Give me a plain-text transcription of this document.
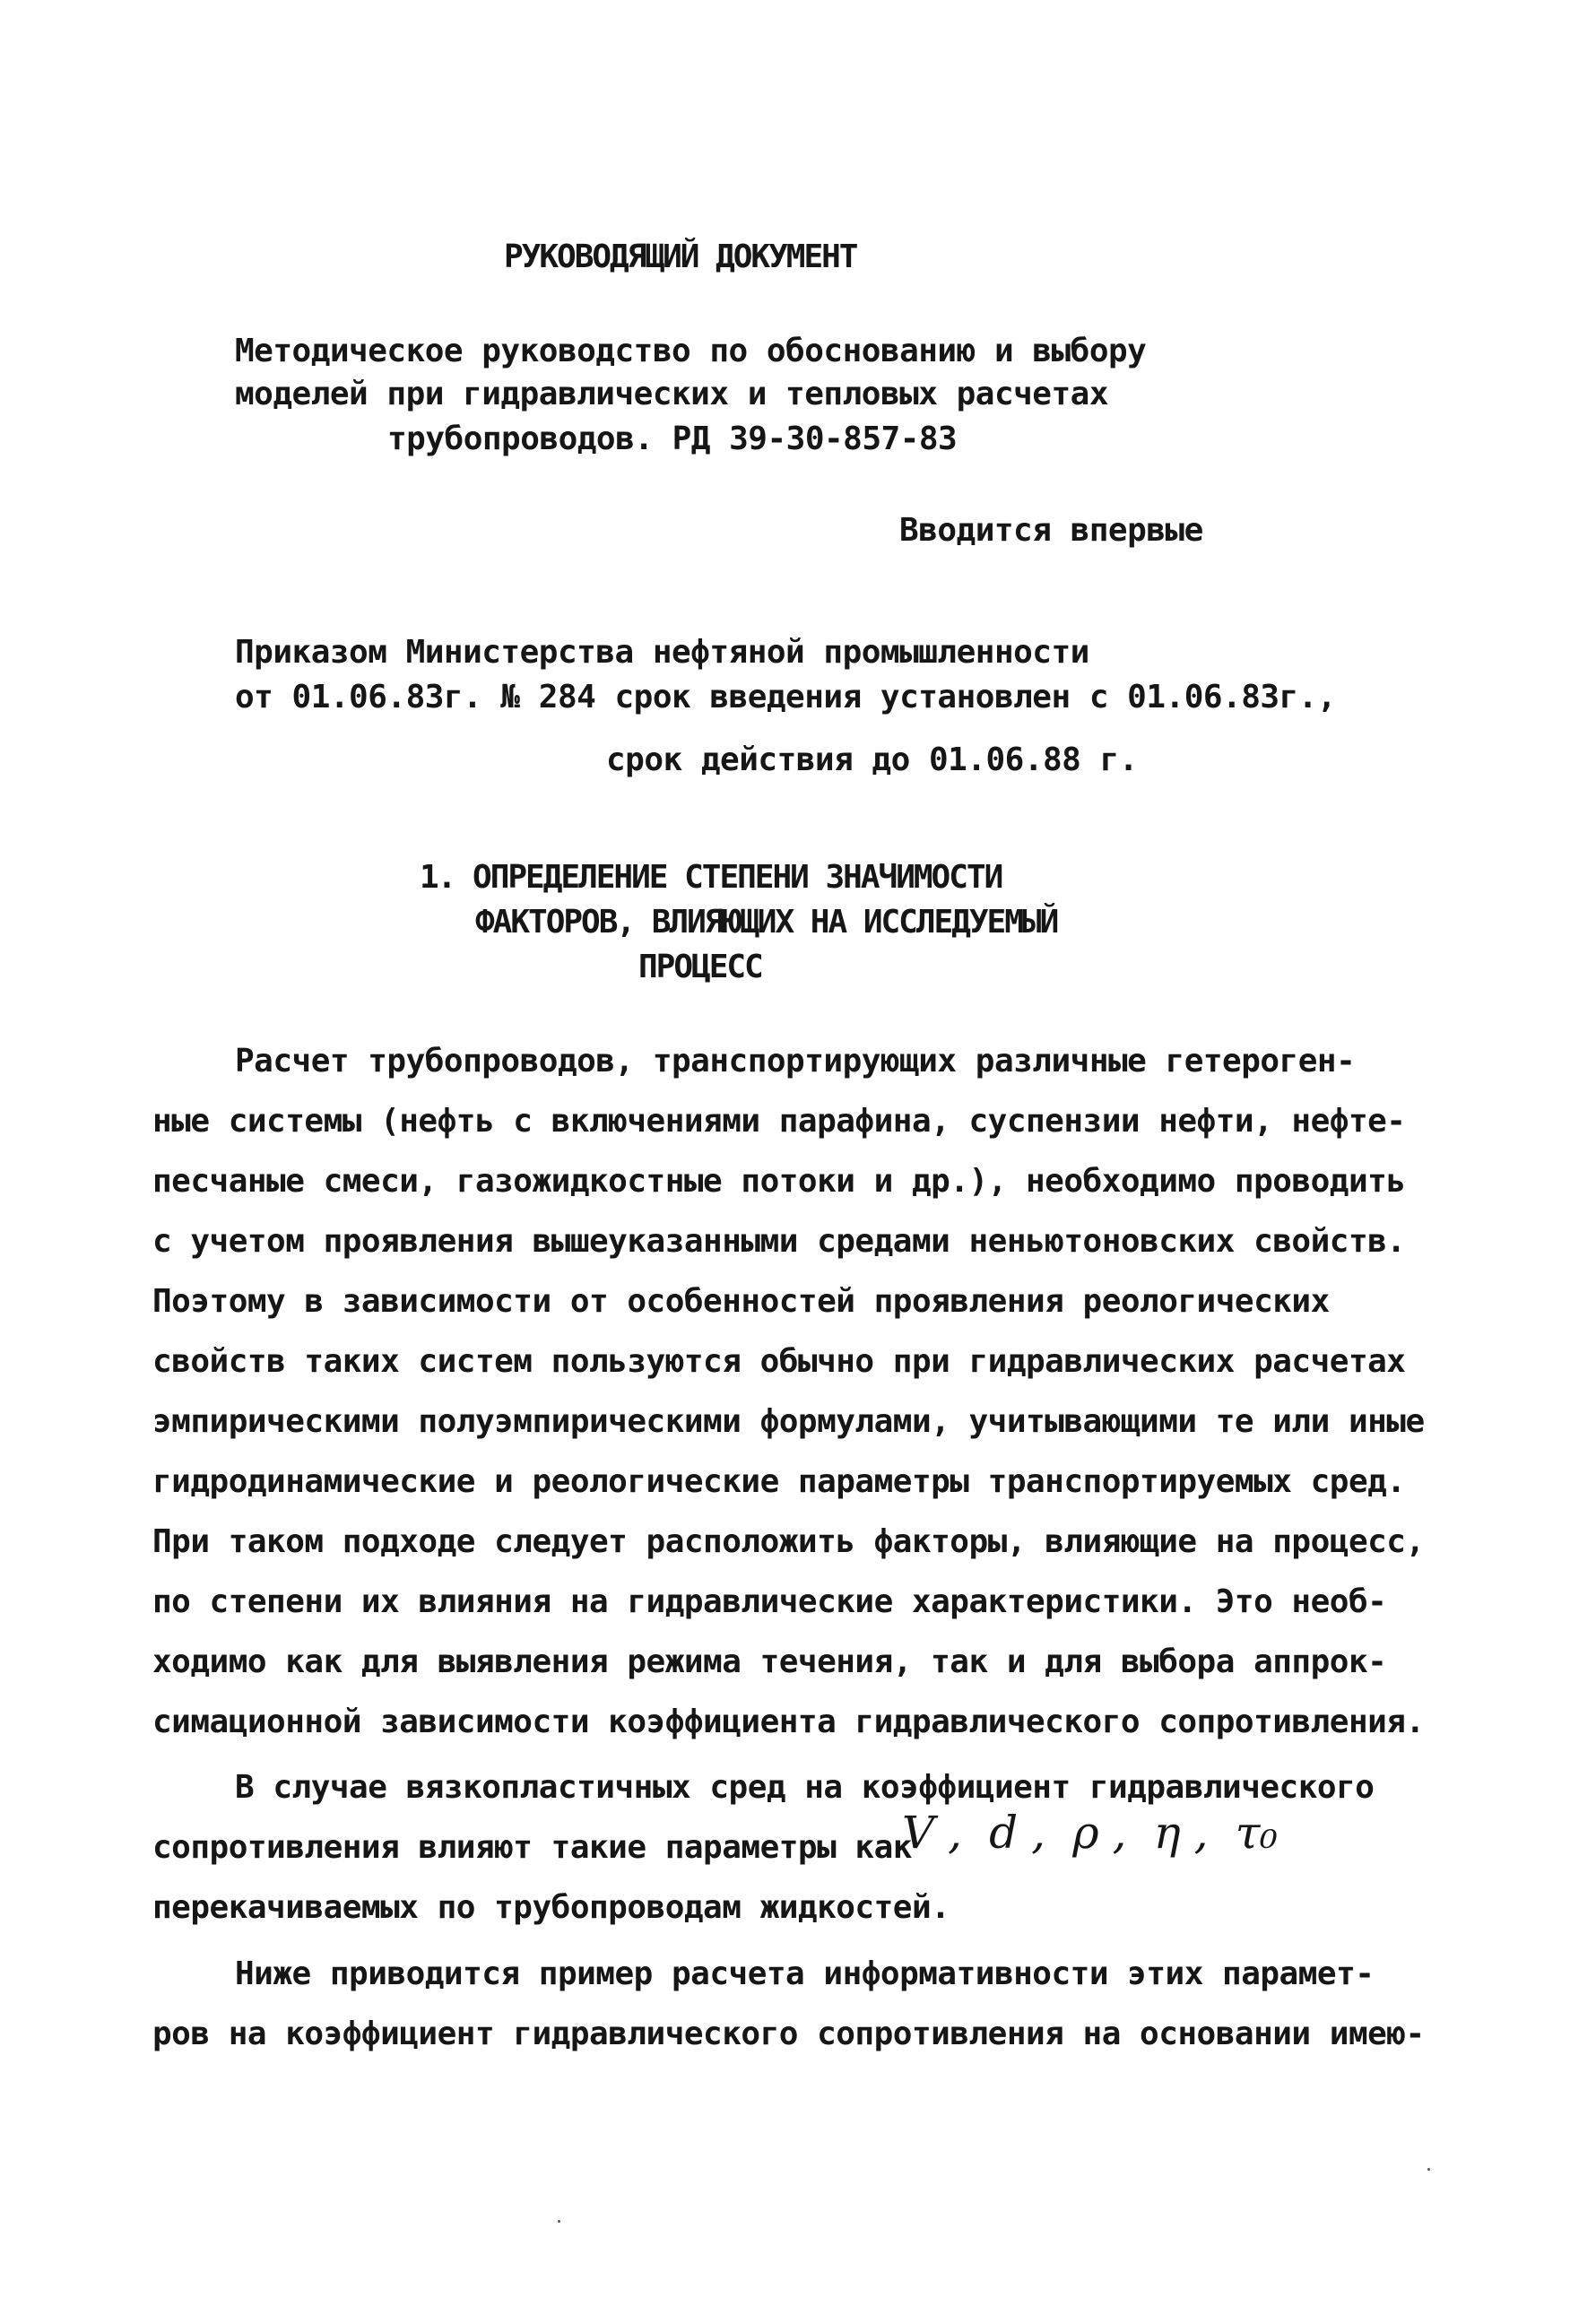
РУКОВОДЯЩИЙ ДОКУМЕНТ
Методическое руководство по обоснованию и выбору
моделей при гидравлических и тепловых расчетах
трубопроводов. РД 39-30-857-83
Вводится впервые
Приказом Министерства нефтяной промышленности
от 01.06.83г. № 284 срок введения установлен с 01.06.83г.,
срок действия до 01.06.88 г.
1. ОПРЕДЕЛЕНИЕ СТЕПЕНИ ЗНАЧИМОСТИ
ФАКТОРОВ, ВЛИЯЮЩИХ НА ИССЛЕДУЕМЫЙ
ПРОЦЕСС
Расчет трубопроводов, транспортирующих различные гетероген-
ные системы (нефть с включениями парафина, суспензии нефти, нефте-
песчаные смеси, газожидкостные потоки и др.), необходимо проводить
с учетом проявления вышеуказанными средами неньютоновских свойств.
Поэтому в зависимости от особенностей проявления реологических
свойств таких систем пользуются обычно при гидравлических расчетах
эмпирическими полуэмпирическими формулами, учитывающими те или иные
гидродинамические и реологические параметры транспортируемых сред.
При таком подходе следует расположить факторы, влияющие на процесс,
по степени их влияния на гидравлические характеристики. Это необ-
ходимо как для выявления режима течения, так и для выбора аппрок-
симационной зависимости коэффициента гидравлического сопротивления.
В случае вязкопластичных сред на коэффициент гидравлического
сопротивления влияют такие параметры как
V ,  d ,  ρ ,  η ,  τ₀
перекачиваемых по трубопроводам жидкостей.
Ниже приводится пример расчета информативности этих парамет-
ров на коэффициент гидравлического сопротивления на основании имею-
